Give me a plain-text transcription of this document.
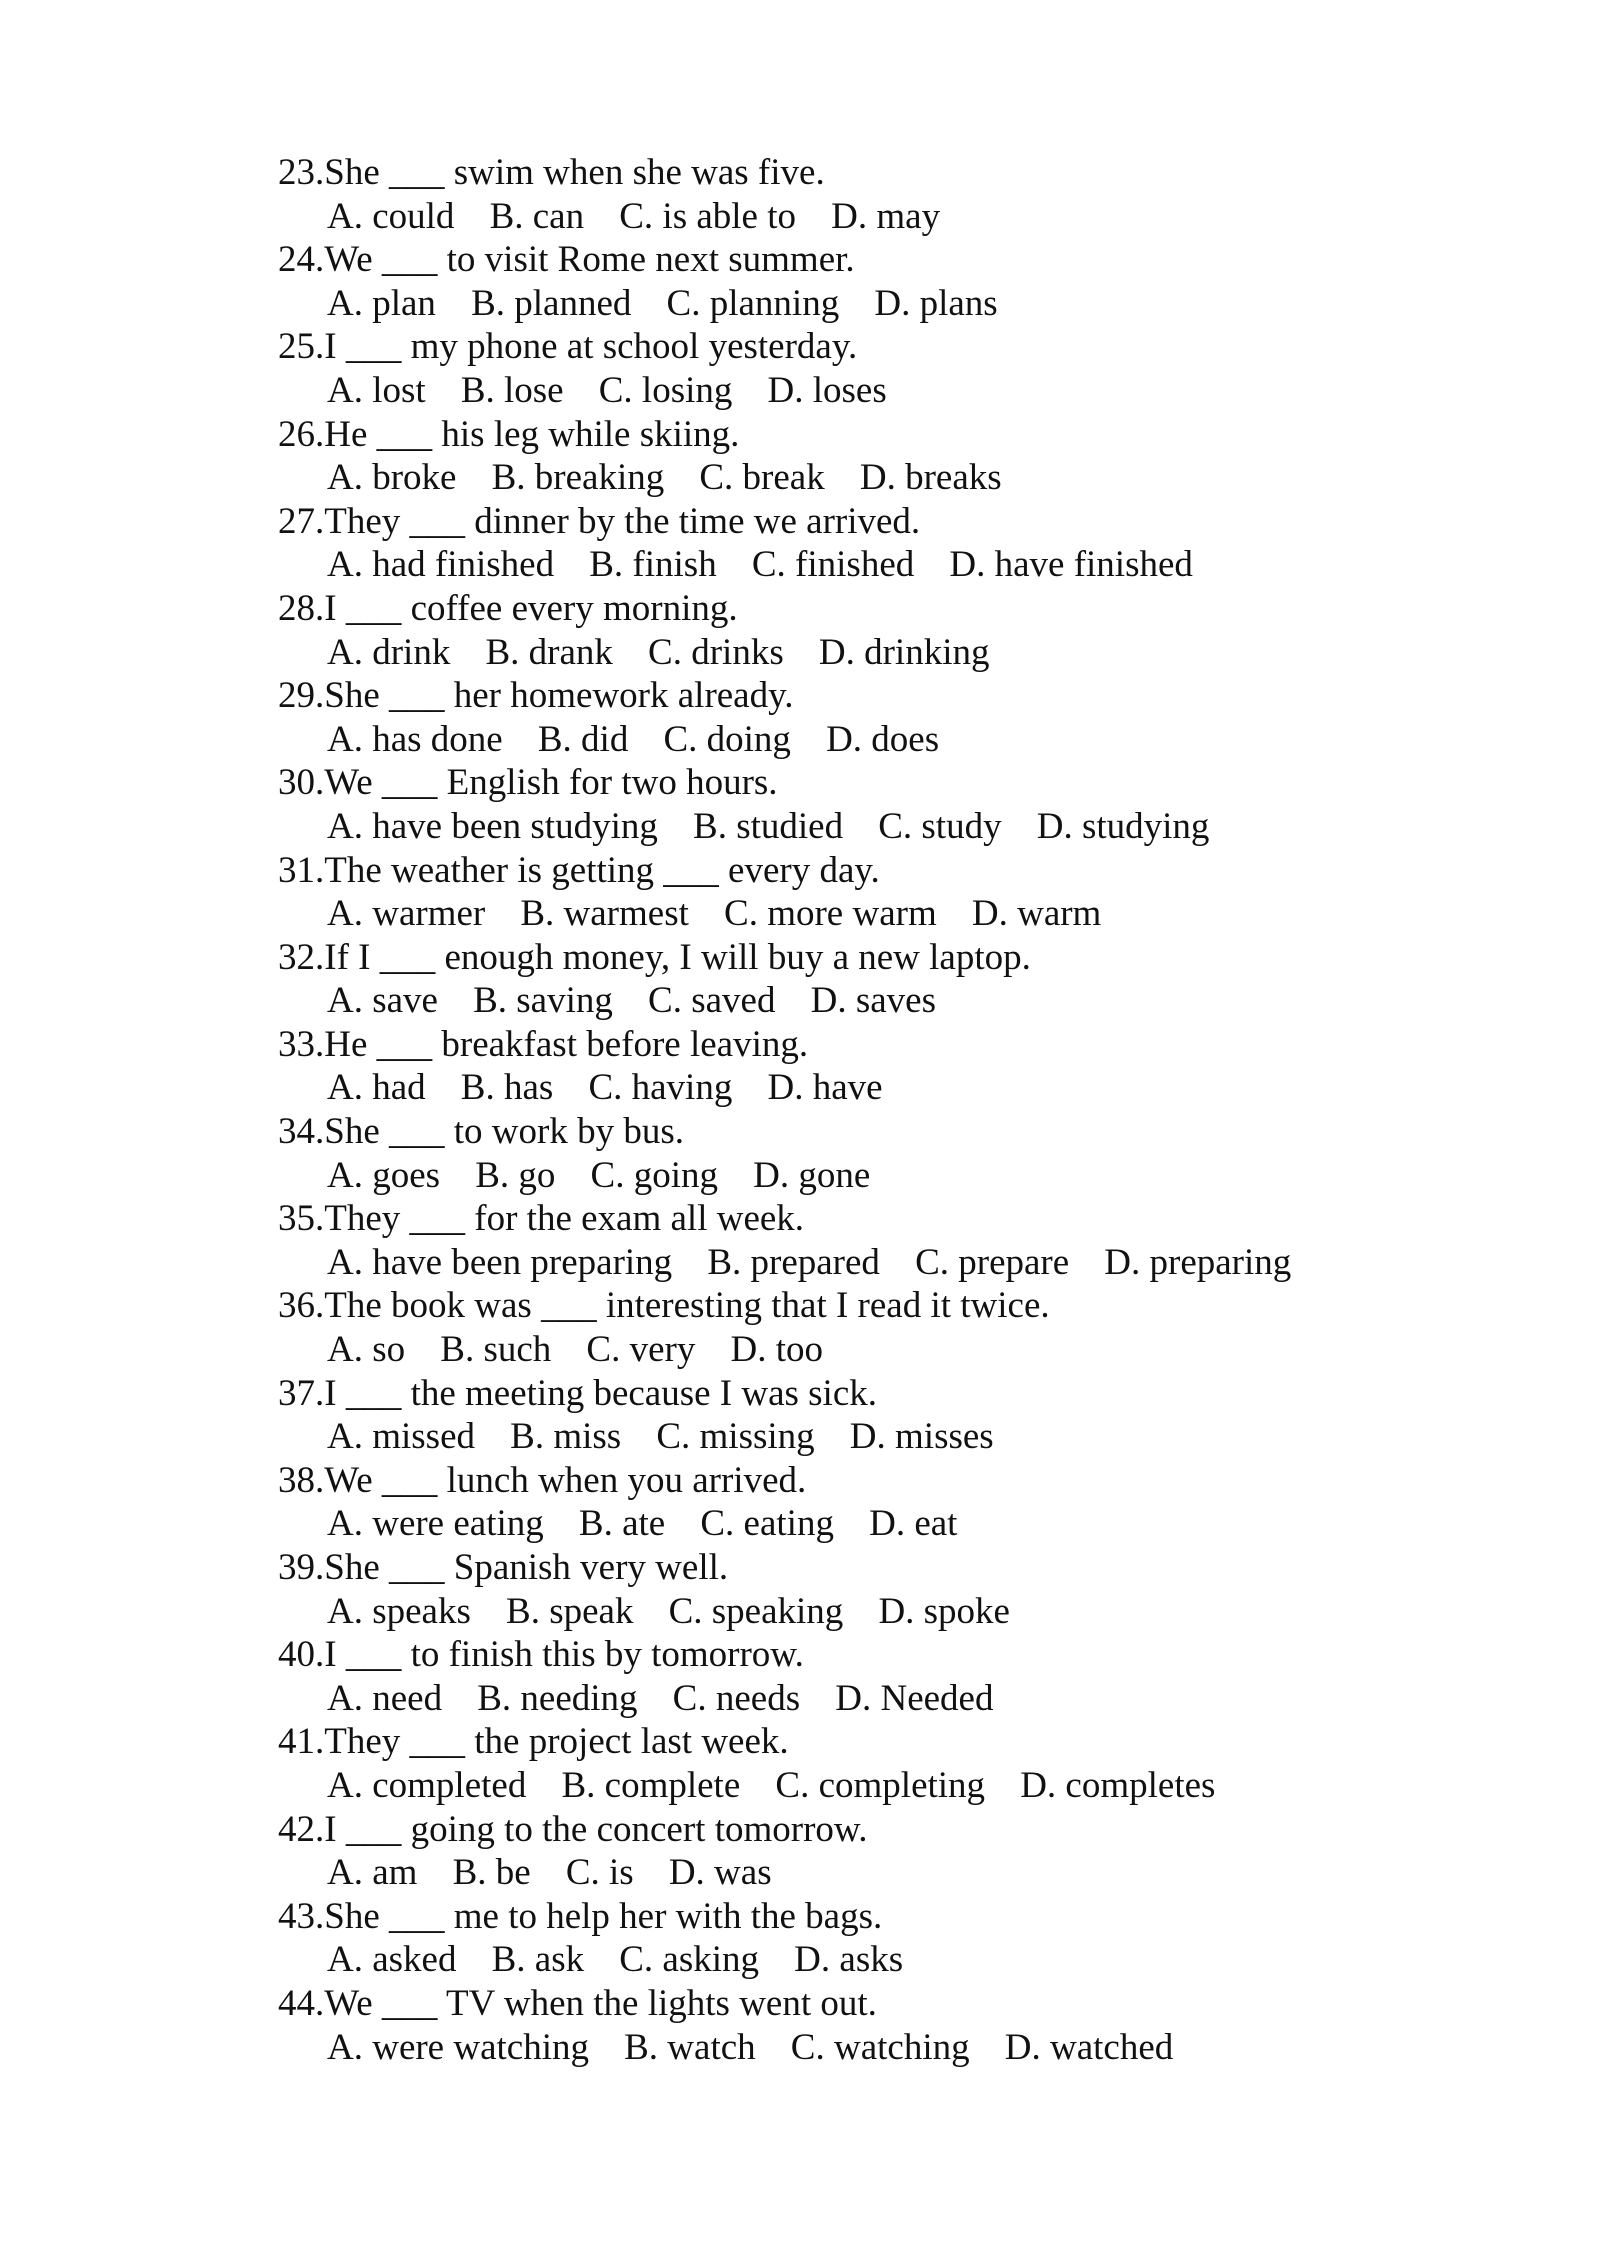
23.She ___ swim when she was five.
A. could B. can C. is able to D. may
24.We ___ to visit Rome next summer.
A. plan B. planned C. planning D. plans
25.I ___ my phone at school yesterday.
A. lost B. lose C. losing D. loses
26.He ___ his leg while skiing.
A. broke B. breaking C. break D. breaks
27.They ___ dinner by the time we arrived.
A. had finished B. finish C. finished D. have finished
28.I ___ coffee every morning.
A. drink B. drank C. drinks D. drinking
29.She ___ her homework already.
A. has done B. did C. doing D. does
30.We ___ English for two hours.
A. have been studying B. studied C. study D. studying
31.The weather is getting ___ every day.
A. warmer B. warmest C. more warm D. warm
32.If I ___ enough money, I will buy a new laptop.
A. save B. saving C. saved D. saves
33.He ___ breakfast before leaving.
A. had B. has C. having D. have
34.She ___ to work by bus.
A. goes B. go C. going D. gone
35.They ___ for the exam all week.
A. have been preparing B. prepared C. prepare D. preparing
36.The book was ___ interesting that I read it twice.
A. so B. such C. very D. too
37.I ___ the meeting because I was sick.
A. missed B. miss C. missing D. misses
38.We ___ lunch when you arrived.
A. were eating B. ate C. eating D. eat
39.She ___ Spanish very well.
A. speaks B. speak C. speaking D. spoke
40.I ___ to finish this by tomorrow.
A. need B. needing C. needs D. Needed
41.They ___ the project last week.
A. completed B. complete C. completing D. completes
42.I ___ going to the concert tomorrow.
A. am B. be C. is D. was
43.She ___ me to help her with the bags.
A. asked B. ask C. asking D. asks
44.We ___ TV when the lights went out.
A. were watching B. watch C. watching D. watched
